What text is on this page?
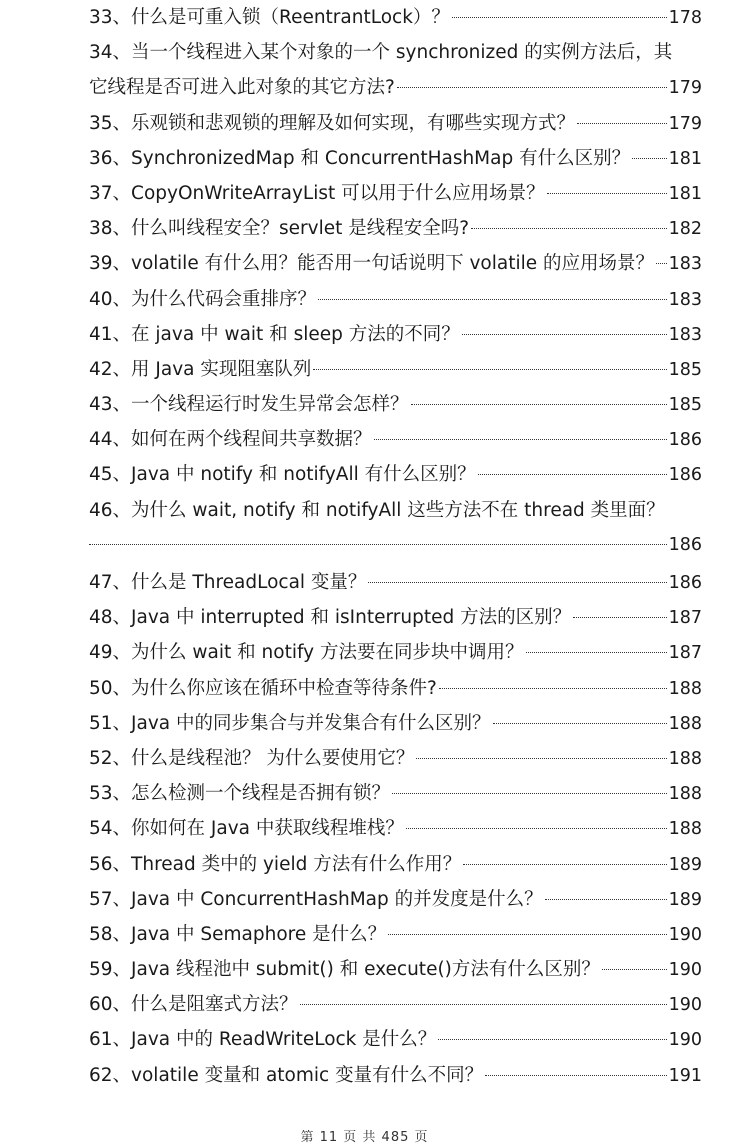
33、什么是可重入锁（ReentrantLock）？	178
34、当一个线程进入某个对象的一个 synchronized 的实例方法后，其
它线程是否可进入此对象的其它方法?	179
35、乐观锁和悲观锁的理解及如何实现，有哪些实现方式？	179
36、SynchronizedMap 和 ConcurrentHashMap 有什么区别？ 181
37、CopyOnWriteArrayList 可以用于什么应用场景？	181
38、什么叫线程安全？servlet 是线程安全吗?	182
39、volatile 有什么用？能否用一句话说明下 volatile 的应用场景？ 183
40、为什么代码会重排序？	183
41、在 java 中 wait 和 sleep 方法的不同？	183
42、用 Java 实现阻塞队列	185
43、一个线程运行时发生异常会怎样？	185
44、如何在两个线程间共享数据？	186
45、Java 中 notify 和 notifyAll 有什么区别？	186
46、为什么 wait, notify 和 notifyAll 这些方法不在 thread 类里面？
186
47、什么是 ThreadLocal 变量？	186
48、Java 中 interrupted 和 isInterrupted 方法的区别？	187
49、为什么 wait 和 notify 方法要在同步块中调用？	187
50、为什么你应该在循环中检查等待条件?	188
51、Java 中的同步集合与并发集合有什么区别？	188
52、什么是线程池？ 为什么要使用它？	188
53、怎么检测一个线程是否拥有锁？	188
54、你如何在 Java 中获取线程堆栈？	188
56、Thread 类中的 yield 方法有什么作用？	189
57、Java 中 ConcurrentHashMap 的并发度是什么？	189
58、Java 中 Semaphore 是什么？	190
59、Java 线程池中 submit() 和 execute()方法有什么区别？	190
60、什么是阻塞式方法？	190
61、Java 中的 ReadWriteLock 是什么？	190
62、volatile 变量和 atomic 变量有什么不同？	191
第 11 页 共 485 页
